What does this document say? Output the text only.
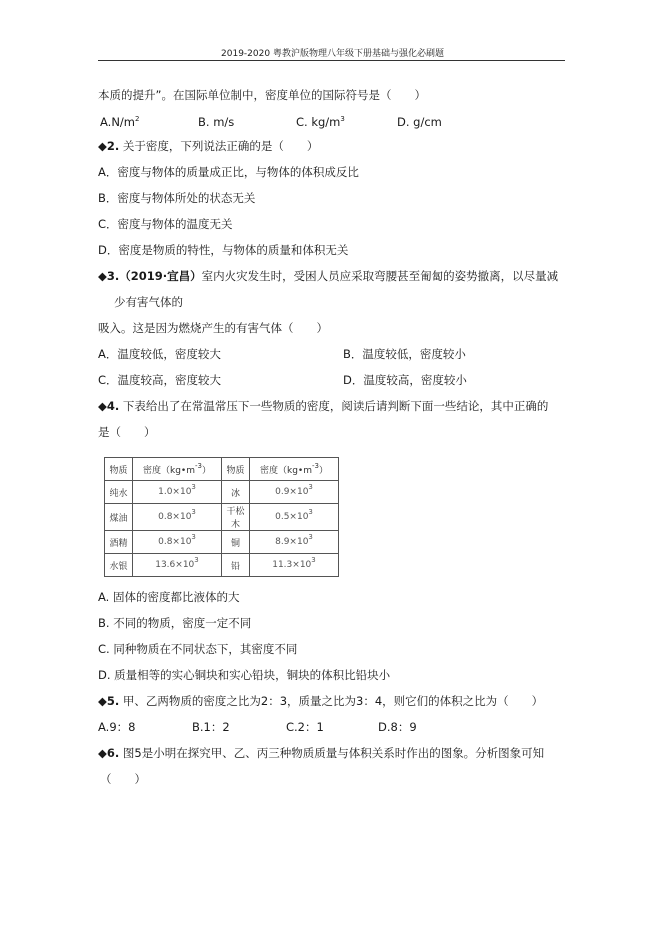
2019-2020 粤教沪版物理八年级下册基础与强化必刷题
本质的提升”。在国际单位制中，密度单位的国际符号是（　　）
$A.N/m^2$	B. m/s	C. $kg/m^3$	D. g/cm
◆2. 关于密度，下列说法正确的是（　　）
A．密度与物体的质量成正比，与物体的体积成反比
B．密度与物体所处的状态无关
C．密度与物体的温度无关
D．密度是物质的特性，与物体的质量和体积无关
◆3.（2019·宜昌）室内火灾发生时，受困人员应采取弯腰甚至匍匐的姿势撤离，以尽量减
少有害气体的
吸入。这是因为燃烧产生的有害气体（　　）
A．温度较低，密度较大	B．温度较低，密度较小
C．温度较高，密度较大	D．温度较高，密度较小
◆4. 下表给出了在常温常压下一些物质的密度，阅读后请判断下面一些结论，其中正确的
是（　　）
物质	密度$(kg•m^{-3})$	物质	密度$(kg•m^{-3})$
纯水	$1.0\times 10^3$	冰	$0.9\times 10^3$
煤油	$0.8\times 10^3$	干松木	$0.5\times 10^3$
酒精	$0.8\times 10^3$	铜	$8.9\times 10^3$
水银	$13.6\times 10^3$	铅	$11.3\times 10^3$
A. 固体的密度都比液体的大
B. 不同的物质，密度一定不同
C. 同种物质在不同状态下，其密度不同
D. 质量相等的实心铜块和实心铅块，铜块的体积比铅块小
◆5. 甲、乙两物质的密度之比为2：3，质量之比为3：4，则它们的体积之比为（　　）
A.9：8	B.1：2	C.2：1	D.8：9
◆6. 图5是小明在探究甲、乙、丙三种物质质量与体积关系时作出的图象。分析图象可知
（　　）
